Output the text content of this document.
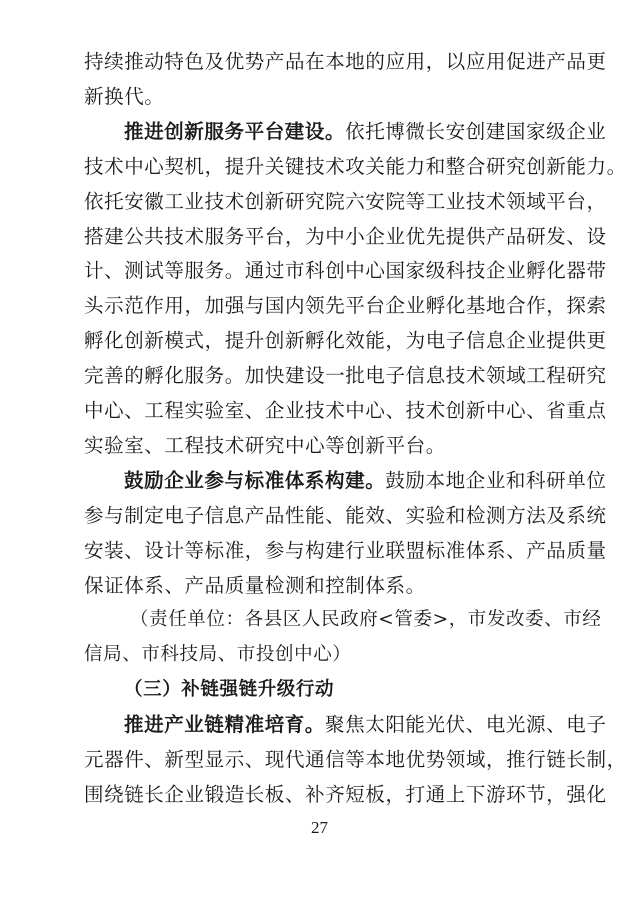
27
持续推动特色及优势产品在本地的应用，以应用促进产品更
新换代。
推进创新服务平台建设。依托博微长安创建国家级企业
技术中心契机，提升关键技术攻关能力和整合研究创新能力。
依托安徽工业技术创新研究院六安院等工业技术领域平台，
搭建公共技术服务平台，为中小企业优先提供产品研发、设
计、测试等服务。通过市科创中心国家级科技企业孵化器带
头示范作用，加强与国内领先平台企业孵化基地合作，探索
孵化创新模式，提升创新孵化效能，为电子信息企业提供更
完善的孵化服务。加快建设一批电子信息技术领域工程研究
中心、工程实验室、企业技术中心、技术创新中心、省重点
实验室、工程技术研究中心等创新平台。
鼓励企业参与标准体系构建。鼓励本地企业和科研单位
参与制定电子信息产品性能、能效、实验和检测方法及系统
安装、设计等标准，参与构建行业联盟标准体系、产品质量
保证体系、产品质量检测和控制体系。
（责任单位：各县区人民政府<管委>，市发改委、市经
信局、市科技局、市投创中心）
（三）补链强链升级行动
推进产业链精准培育。聚焦太阳能光伏、电光源、电子
元器件、新型显示、现代通信等本地优势领域，推行链长制，
围绕链长企业锻造长板、补齐短板，打通上下游环节，强化
